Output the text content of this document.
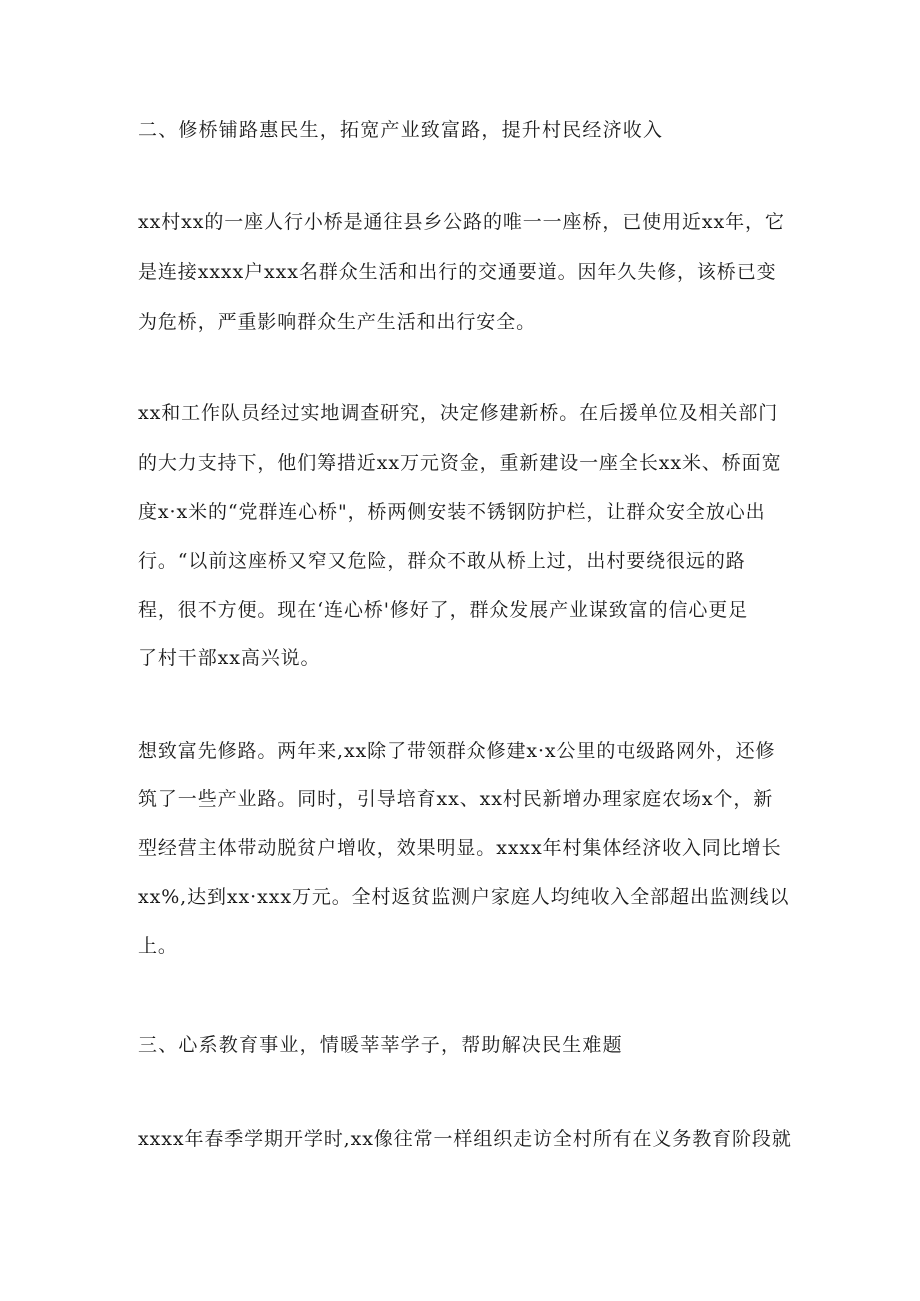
二、修桥铺路惠民生，拓宽产业致富路，提升村民经济收入

xx村xx的一座人行小桥是通往县乡公路的唯一一座桥，已使用近xx年，它

是连接xxxx户xxx名群众生活和出行的交通要道。因年久失修，该桥已变

为危桥，严重影响群众生产生活和出行安全。

xx和工作队员经过实地调查研究，决定修建新桥。在后援单位及相关部门

的大力支持下，他们筹措近xx万元资金，重新建设一座全长xx米、桥面宽

度x·x米的“党群连心桥"，桥两侧安装不锈钢防护栏，让群众安全放心出

行。“以前这座桥又窄又危险，群众不敢从桥上过，出村要绕很远的路

程，很不方便。现在‘连心桥'修好了，群众发展产业谋致富的信心更足

了村干部xx高兴说。

想致富先修路。两年来,xx除了带领群众修建x·x公里的屯级路网外，还修

筑了一些产业路。同时，引导培育xx、xx村民新增办理家庭农场x个，新

型经营主体带动脱贫户增收，效果明显。xxxx年村集体经济收入同比增长

xx%,达到xx·xxx万元。全村返贫监测户家庭人均纯收入全部超出监测线以

上。

三、心系教育事业，情暖莘莘学子，帮助解决民生难题

xxxx年春季学期开学时,xx像往常一样组织走访全村所有在义务教育阶段就
